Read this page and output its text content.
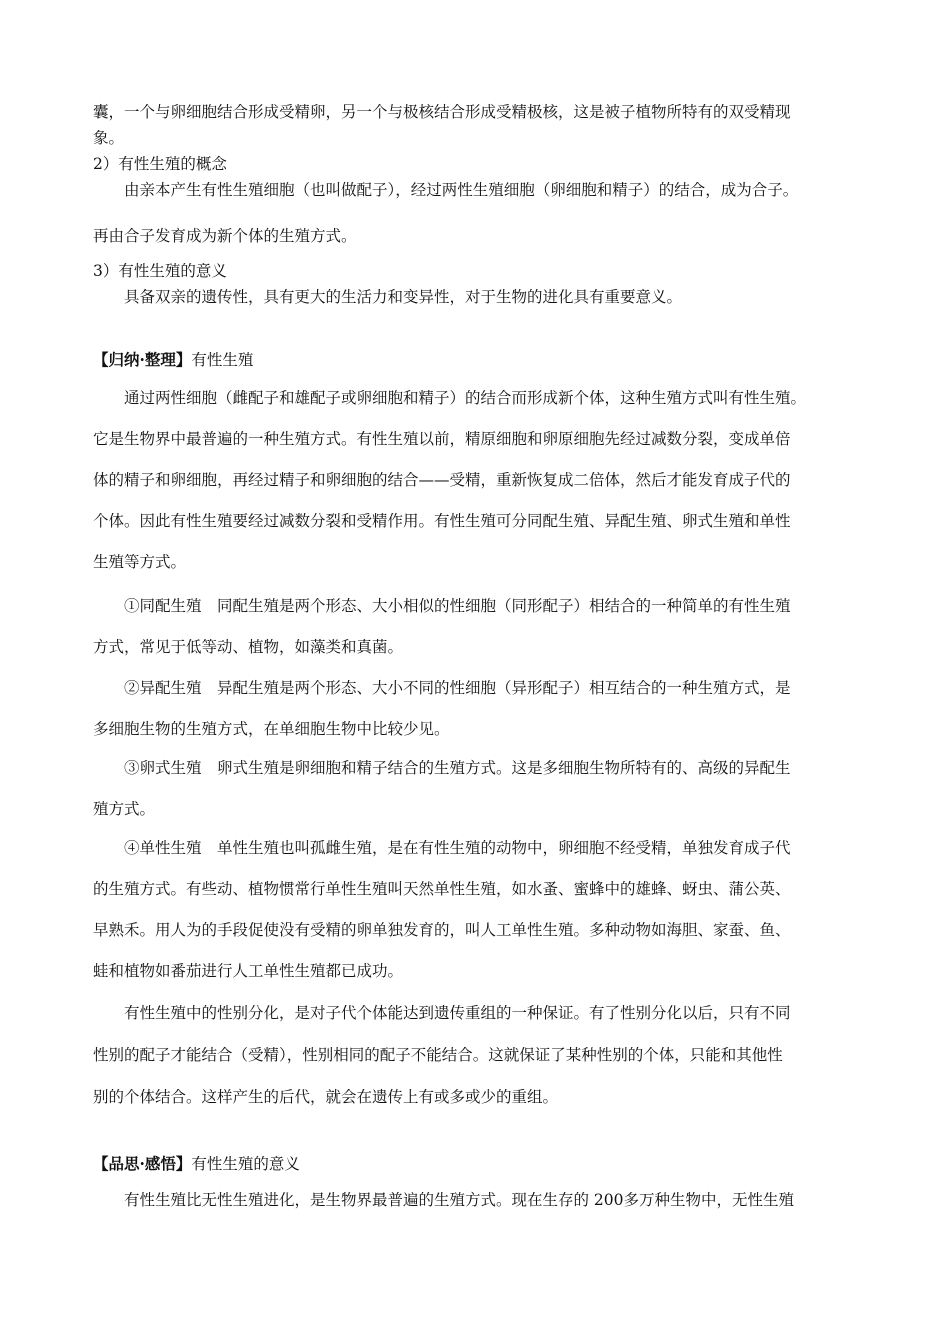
囊，一个与卵细胞结合形成受精卵，另一个与极核结合形成受精极核，这是被子植物所特有的双受精现
象。
2）有性生殖的概念
由亲本产生有性生殖细胞（也叫做配子），经过两性生殖细胞（卵细胞和精子）的结合，成为合子。
再由合子发育成为新个体的生殖方式。
3）有性生殖的意义
具备双亲的遗传性，具有更大的生活力和变异性，对于生物的进化具有重要意义。
【归纳·整理】有性生殖
通过两性细胞（雌配子和雄配子或卵细胞和精子）的结合而形成新个体，这种生殖方式叫有性生殖。
它是生物界中最普遍的一种生殖方式。有性生殖以前，精原细胞和卵原细胞先经过减数分裂，变成单倍
体的精子和卵细胞，再经过精子和卵细胞的结合——受精，重新恢复成二倍体，然后才能发育成子代的
个体。因此有性生殖要经过减数分裂和受精作用。有性生殖可分同配生殖、异配生殖、卵式生殖和单性
生殖等方式。
①同配生殖　同配生殖是两个形态、大小相似的性细胞（同形配子）相结合的一种简单的有性生殖
方式，常见于低等动、植物，如藻类和真菌。
②异配生殖　异配生殖是两个形态、大小不同的性细胞（异形配子）相互结合的一种生殖方式，是
多细胞生物的生殖方式，在单细胞生物中比较少见。
③卵式生殖　卵式生殖是卵细胞和精子结合的生殖方式。这是多细胞生物所特有的、高级的异配生
殖方式。
④单性生殖　单性生殖也叫孤雌生殖，是在有性生殖的动物中，卵细胞不经受精，单独发育成子代
的生殖方式。有些动、植物惯常行单性生殖叫天然单性生殖，如水蚤、蜜蜂中的雄蜂、蚜虫、蒲公英、
早熟禾。用人为的手段促使没有受精的卵单独发育的，叫人工单性生殖。多种动物如海胆、家蚕、鱼、
蛙和植物如番茄进行人工单性生殖都已成功。
有性生殖中的性别分化，是对子代个体能达到遗传重组的一种保证。有了性别分化以后，只有不同
性别的配子才能结合（受精），性别相同的配子不能结合。这就保证了某种性别的个体，只能和其他性
别的个体结合。这样产生的后代，就会在遗传上有或多或少的重组。
【品思·感悟】有性生殖的意义
有性生殖比无性生殖进化，是生物界最普遍的生殖方式。现在生存的 200多万种生物中，无性生殖
